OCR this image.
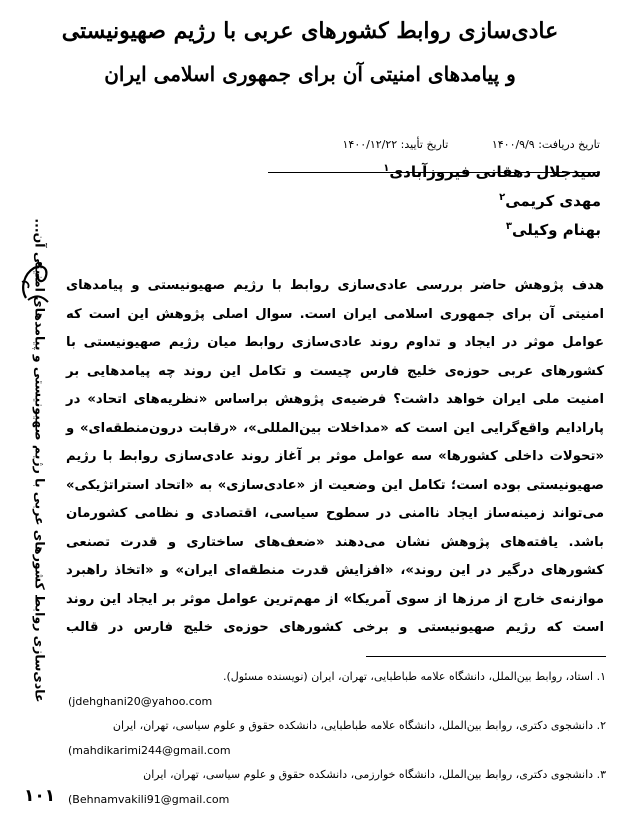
عادی‌سازی روابط کشورهای عربی با رژیم صهیونیستی
و پیامدهای امنیتی آن برای جمهوری اسلامی ایران
تاریخ دریافت: ۱۴۰۰/۹/۹ تاریخ تأیید: ۱۴۰۰/۱۲/۲۲
سیدجلال دهقانی فیروزآبادی$^۱$
مهدی کریمی$^۲$
بهنام وکیلی$^۳$
هدف پژوهش حاضر بررسی عادی‌سازی روابط با رژیم صهیونیستی و پیامدهای امنیتی آن برای جمهوری اسلامی ایران است. سوال اصلی پژوهش این است که عوامل موثر در ایجاد و تداوم روند عادی‌سازی روابط میان رژیم صهیونیستی با کشورهای عربی حوزه‌ی خلیج فارس چیست و تکامل این روند چه پیامدهایی بر امنیت ملی ایران خواهد داشت؟ فرضیه‌ی پژوهش براساس «نظریه‌های اتحاد» در پارادایم واقع‌گرایی این است که «مداخلات بین‌المللی»، «رقابت درون‌منطقه‌ای» و «تحولات داخلی کشورها» سه عوامل موثر بر آغاز روند عادی‌سازی روابط با رژیم صهیونیستی بوده است؛ تکامل این وضعیت از «عادی‌سازی» به «اتحاد استراتژیکی» می‌تواند زمینه‌ساز ایجاد ناامنی در سطوح سیاسی، اقتصادی و نظامی کشورمان باشد. یافته‌های پژوهش نشان می‌دهند «ضعف‌های ساختاری و قدرت تصنعی کشورهای درگیر در این روند»، «افزایش قدرت منطقه‌ای ایران» و «اتخاذ راهبرد موازنه‌ی خارج از مرزها از سوی آمریکا» از مهم‌ترین عوامل موثر بر ایجاد این روند است که رژیم صهیونیستی و برخی کشورهای حوزه‌ی خلیج فارس در قالب
۱. استاد، روابط بین‌الملل، دانشگاه علامه طباطبایی، تهران، ایران (نویسنده مسئول).
(jdehghani20@yahoo.com
۲. دانشجوی دکتری، روابط بین‌الملل، دانشگاه علامه طباطبایی، دانشکده حقوق و علوم سیاسی، تهران، ایران
(mahdikarimi244@gmail.com
۳. دانشجوی دکتری، روابط بین‌الملل، دانشگاه خوارزمی، دانشکده حقوق و علوم سیاسی، تهران، ایران
(Behnamvakili91@gmail.com
عادی‌سازی روابط کشورهای عربی با رژیم صهیونیستی و پیامدهای امنیتی آن...
۱۰۱
